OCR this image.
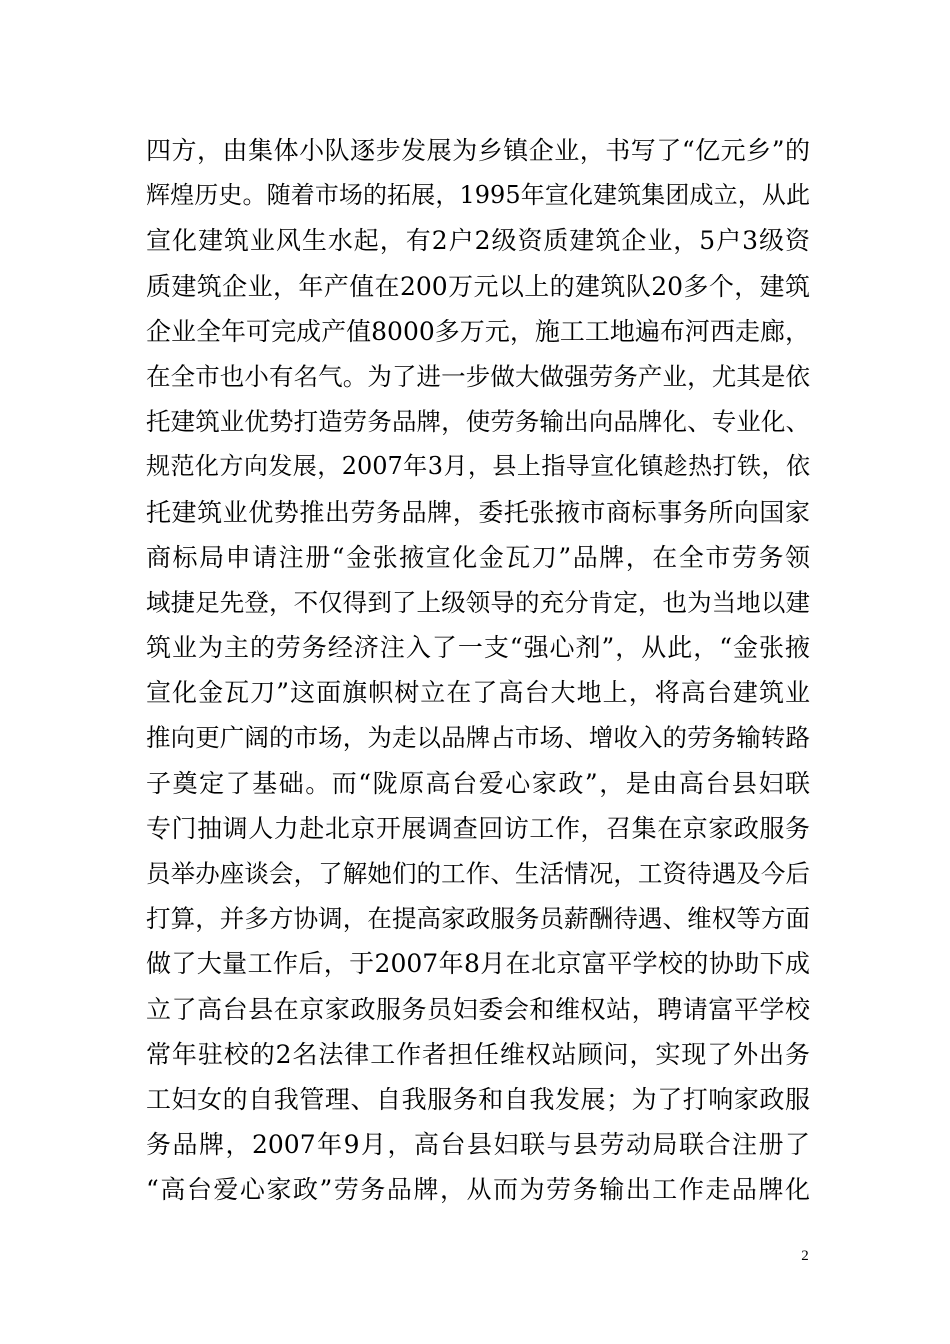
四方，由集体小队逐步发展为乡镇企业，书写了“亿元乡”的
辉煌历史。随着市场的拓展，1995年宣化建筑集团成立，从此
宣化建筑业风生水起，有2户2级资质建筑企业，5户3级资
质建筑企业，年产值在200万元以上的建筑队20多个，建筑
企业全年可完成产值8000多万元，施工工地遍布河西走廊，
在全市也小有名气。为了进一步做大做强劳务产业，尤其是依
托建筑业优势打造劳务品牌，使劳务输出向品牌化、专业化、
规范化方向发展，2007年3月，县上指导宣化镇趁热打铁，依
托建筑业优势推出劳务品牌，委托张掖市商标事务所向国家
商标局申请注册“金张掖宣化金瓦刀”品牌，在全市劳务领
域捷足先登，不仅得到了上级领导的充分肯定，也为当地以建
筑业为主的劳务经济注入了一支“强心剂”，从此，“金张掖
宣化金瓦刀”这面旗帜树立在了高台大地上，将高台建筑业
推向更广阔的市场，为走以品牌占市场、增收入的劳务输转路
子奠定了基础。而“陇原高台爱心家政”，是由高台县妇联
专门抽调人力赴北京开展调查回访工作，召集在京家政服务
员举办座谈会，了解她们的工作、生活情况，工资待遇及今后
打算，并多方协调，在提高家政服务员薪酬待遇、维权等方面
做了大量工作后，于2007年8月在北京富平学校的协助下成
立了高台县在京家政服务员妇委会和维权站，聘请富平学校
常年驻校的2名法律工作者担任维权站顾问，实现了外出务
工妇女的自我管理、自我服务和自我发展；为了打响家政服
务品牌，2007年9月，高台县妇联与县劳动局联合注册了
“高台爱心家政”劳务品牌，从而为劳务输出工作走品牌化
2
